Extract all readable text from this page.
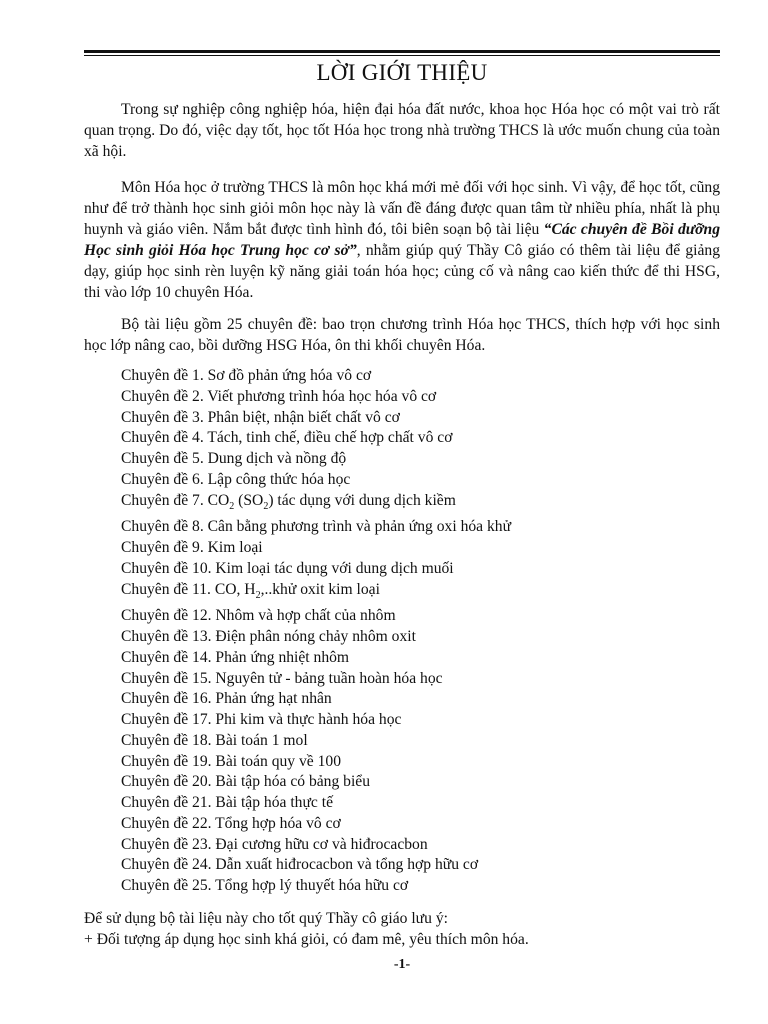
LỜI GIỚI THIỆU

Trong sự nghiệp công nghiệp hóa, hiện đại hóa đất nước, khoa học Hóa học có một vai trò rất quan trọng. Do đó, việc dạy tốt, học tốt Hóa học trong nhà trường THCS là ước muốn chung của toàn xã hội.

Môn Hóa học ở trường THCS là môn học khá mới mẻ đối với học sinh. Vì vậy, để học tốt, cũng như để trở thành học sinh giỏi môn học này là vấn đề đáng được quan tâm từ nhiều phía, nhất là phụ huynh và giáo viên. Nắm bắt được tình hình đó, tôi biên soạn bộ tài liệu “Các chuyên đề Bồi dưỡng Học sinh giỏi Hóa học Trung học cơ sở”, nhằm giúp quý Thầy Cô giáo có thêm tài liệu để giảng dạy, giúp học sinh rèn luyện kỹ năng giải toán hóa học; củng cố và nâng cao kiến thức để thi HSG, thi vào lớp 10 chuyên Hóa.

Bộ tài liệu gồm 25 chuyên đề: bao trọn chương trình Hóa học THCS, thích hợp với học sinh học lớp nâng cao, bồi dưỡng HSG Hóa, ôn thi khối chuyên Hóa.

Chuyên đề 1. Sơ đồ phản ứng hóa vô cơ
Chuyên đề 2. Viết phương trình hóa học hóa vô cơ
Chuyên đề 3. Phân biệt, nhận biết chất vô cơ
Chuyên đề 4. Tách, tinh chế, điều chế hợp chất vô cơ
Chuyên đề 5. Dung dịch và nồng độ
Chuyên đề 6. Lập công thức hóa học
Chuyên đề 7. $CO_2$ $(SO_2)$ tác dụng với dung dịch kiềm
Chuyên đề 8. Cân bằng phương trình và phản ứng oxi hóa khử
Chuyên đề 9. Kim loại
Chuyên đề 10. Kim loại tác dụng với dung dịch muối
Chuyên đề 11. CO, $H_2,..khử$ oxit kim loại
Chuyên đề 12. Nhôm và hợp chất của nhôm
Chuyên đề 13. Điện phân nóng chảy nhôm oxit
Chuyên đề 14. Phản ứng nhiệt nhôm
Chuyên đề 15. Nguyên tử - bảng tuần hoàn hóa học
Chuyên đề 16. Phản ứng hạt nhân
Chuyên đề 17. Phi kim và thực hành hóa học
Chuyên đề 18. Bài toán 1 mol
Chuyên đề 19. Bài toán quy về 100
Chuyên đề 20. Bài tập hóa có bảng biểu
Chuyên đề 21. Bài tập hóa thực tế
Chuyên đề 22. Tổng hợp hóa vô cơ
Chuyên đề 23. Đại cương hữu cơ và hiđrocacbon
Chuyên đề 24. Dẫn xuất hiđrocacbon và tổng hợp hữu cơ
Chuyên đề 25. Tổng hợp lý thuyết hóa hữu cơ

Để sử dụng bộ tài liệu này cho tốt quý Thầy cô giáo lưu ý:

+ Đối tượng áp dụng học sinh khá giỏi, có đam mê, yêu thích môn hóa.

-1-
